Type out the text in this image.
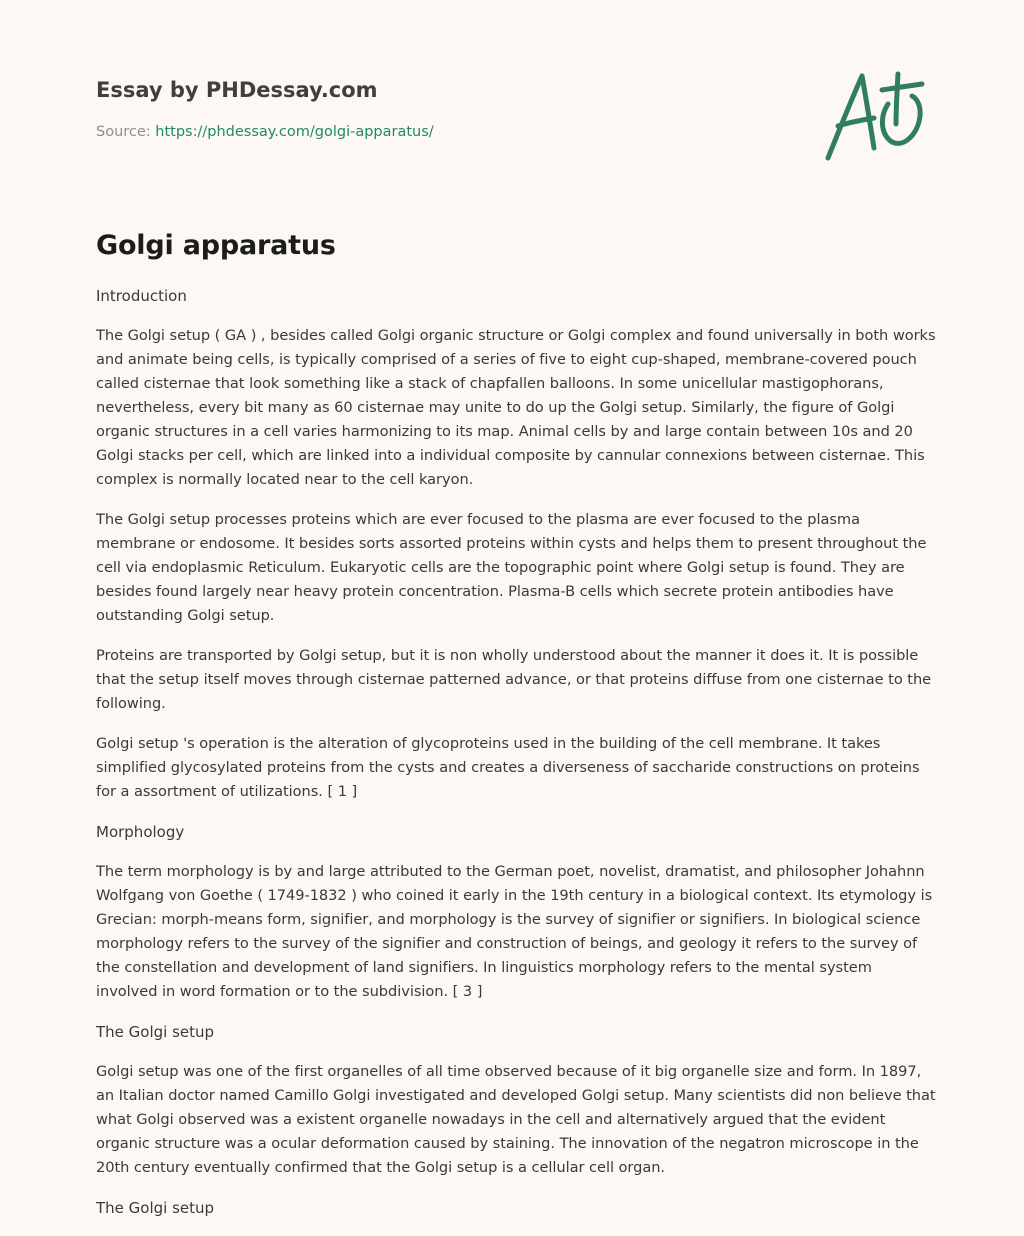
Essay by PHDessay.com
Source: https://phdessay.com/golgi-apparatus/
Golgi apparatus

Introduction

The Golgi setup ( GA ) , besides called Golgi organic structure or Golgi complex and found universally in both works and animate being cells, is typically comprised of a series of five to eight cup-shaped, membrane-covered pouch called cisternae that look something like a stack of chapfallen balloons. In some unicellular mastigophorans, nevertheless, every bit many as 60 cisternae may unite to do up the Golgi setup. Similarly, the figure of Golgi organic structures in a cell varies harmonizing to its map. Animal cells by and large contain between 10s and 20 Golgi stacks per cell, which are linked into a individual composite by cannular connexions between cisternae. This complex is normally located near to the cell karyon.

The Golgi setup processes proteins which are ever focused to the plasma are ever focused to the plasma membrane or endosome. It besides sorts assorted proteins within cysts and helps them to present throughout the cell via endoplasmic Reticulum. Eukaryotic cells are the topographic point where Golgi setup is found. They are besides found largely near heavy protein concentration. Plasma-B cells which secrete protein antibodies have outstanding Golgi setup.

Proteins are transported by Golgi setup, but it is non wholly understood about the manner it does it. It is possible that the setup itself moves through cisternae patterned advance, or that proteins diffuse from one cisternae to the following.

Golgi setup 's operation is the alteration of glycoproteins used in the building of the cell membrane. It takes simplified glycosylated proteins from the cysts and creates a diverseness of saccharide constructions on proteins for a assortment of utilizations. [ 1 ]

Morphology

The term morphology is by and large attributed to the German poet, novelist, dramatist, and philosopher Johahnn Wolfgang von Goethe ( 1749-1832 ) who coined it early in the 19th century in a biological context. Its etymology is Grecian: morph-means form, signifier, and morphology is the survey of signifier or signifiers. In biological science morphology refers to the survey of the signifier and construction of beings, and geology it refers to the survey of the constellation and development of land signifiers. In linguistics morphology refers to the mental system involved in word formation or to the subdivision. [ 3 ]

The Golgi setup

Golgi setup was one of the first organelles of all time observed because of it big organelle size and form. In 1897, an Italian doctor named Camillo Golgi investigated and developed Golgi setup. Many scientists did non believe that what Golgi observed was a existent organelle nowadays in the cell and alternatively argued that the evident organic structure was a ocular deformation caused by staining. The innovation of the negatron microscope in the 20th century eventually confirmed that the Golgi setup is a cellular cell organ.

The Golgi setup
